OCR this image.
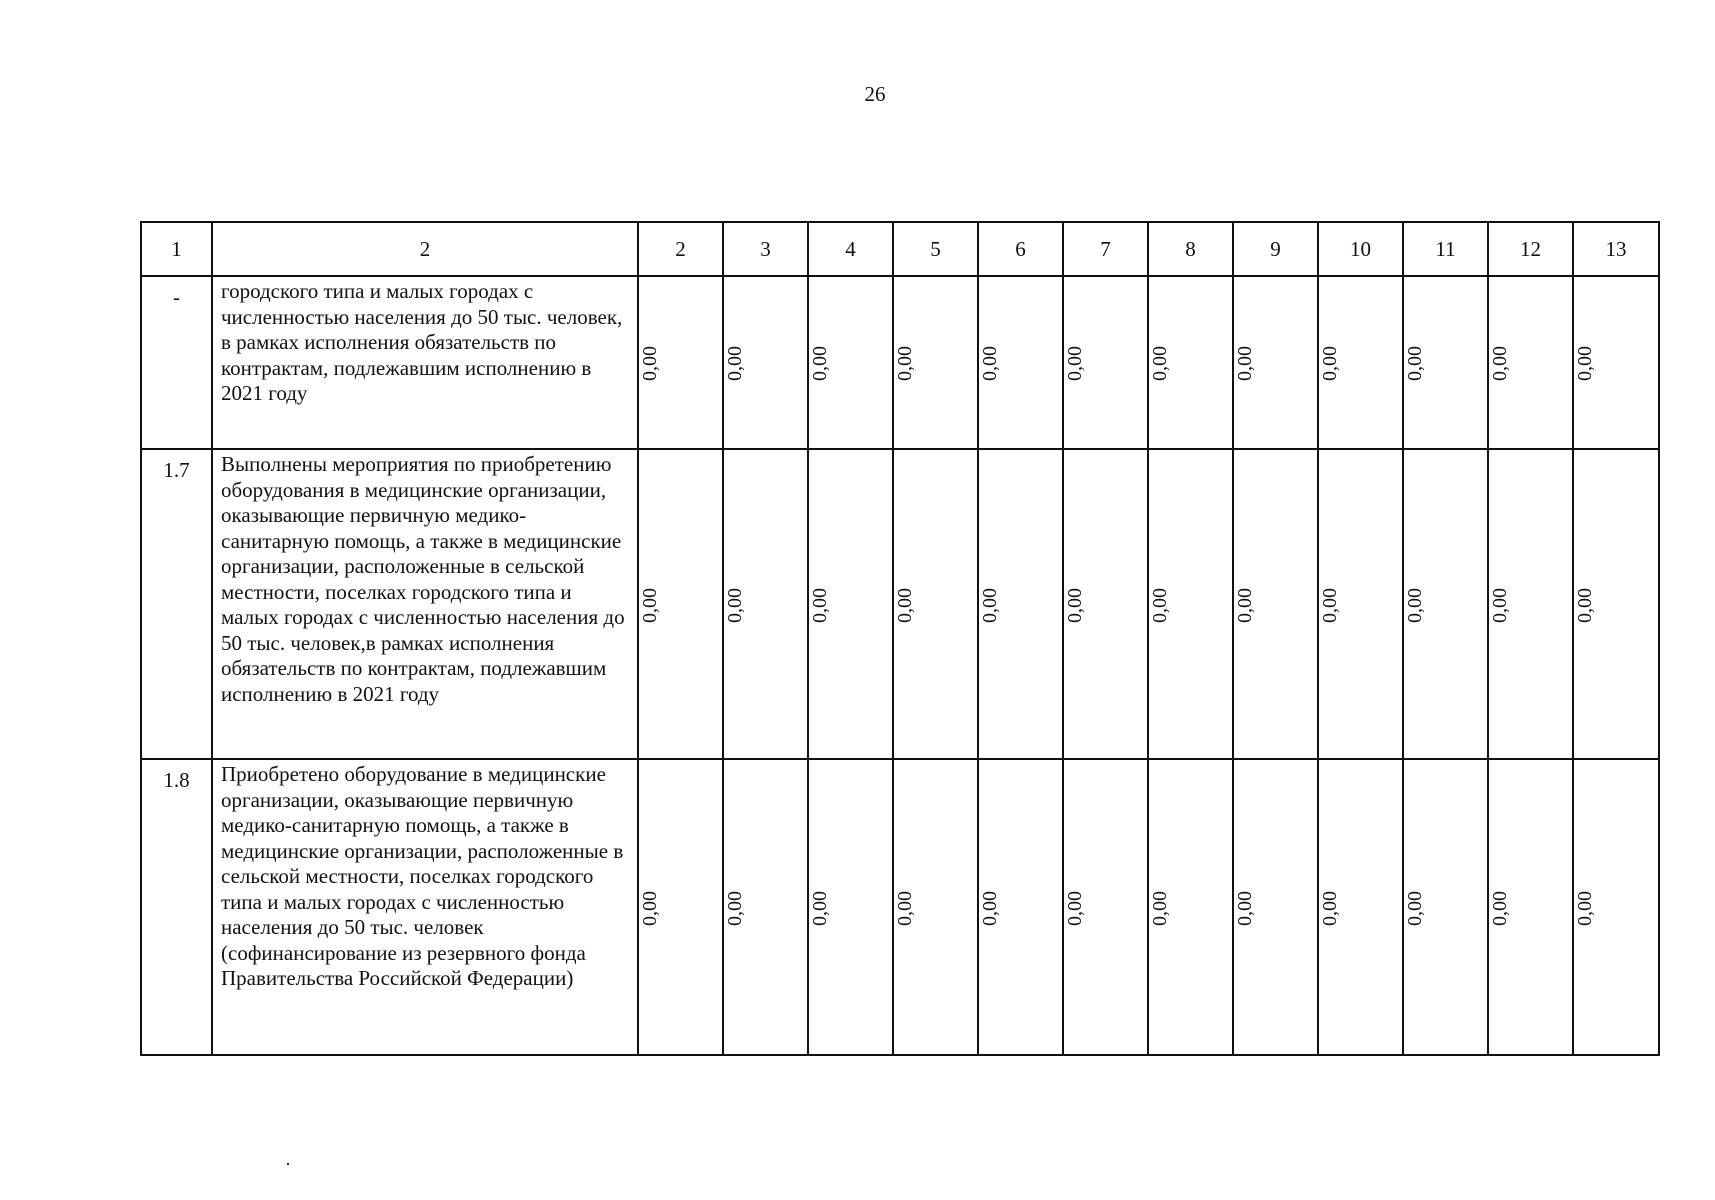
26
1	2	2	3	4	5	6	7	8	9	10	11	12	13
-	городского типа и малых городах с численностью населения до 50 тыс. человек, в рамках исполнения обязательств по контрактам, подлежавшим исполнению в 2021 году	0,00	0,00	0,00	0,00	0,00	0,00	0,00	0,00	0,00	0,00	0,00	0,00
1.7	Выполнены мероприятия по приобретению оборудования в медицинские организации, оказывающие первичную медико-санитарную помощь, а также в медицинские организации, расположенные в сельской местности, поселках городского типа и малых городах с численностью населения до 50 тыс. человек,в рамках исполнения обязательств по контрактам, подлежавшим исполнению в 2021 году	0,00	0,00	0,00	0,00	0,00	0,00	0,00	0,00	0,00	0,00	0,00	0,00
1.8	Приобретено оборудование в медицинские организации, оказывающие первичную медико-санитарную помощь, а также в медицинские организации, расположенные в сельской местности, поселках городского типа и малых городах с численностью населения до 50 тыс. человек (софинансирование из резервного фонда Правительства Российской Федерации)	0,00	0,00	0,00	0,00	0,00	0,00	0,00	0,00	0,00	0,00	0,00	0,00
